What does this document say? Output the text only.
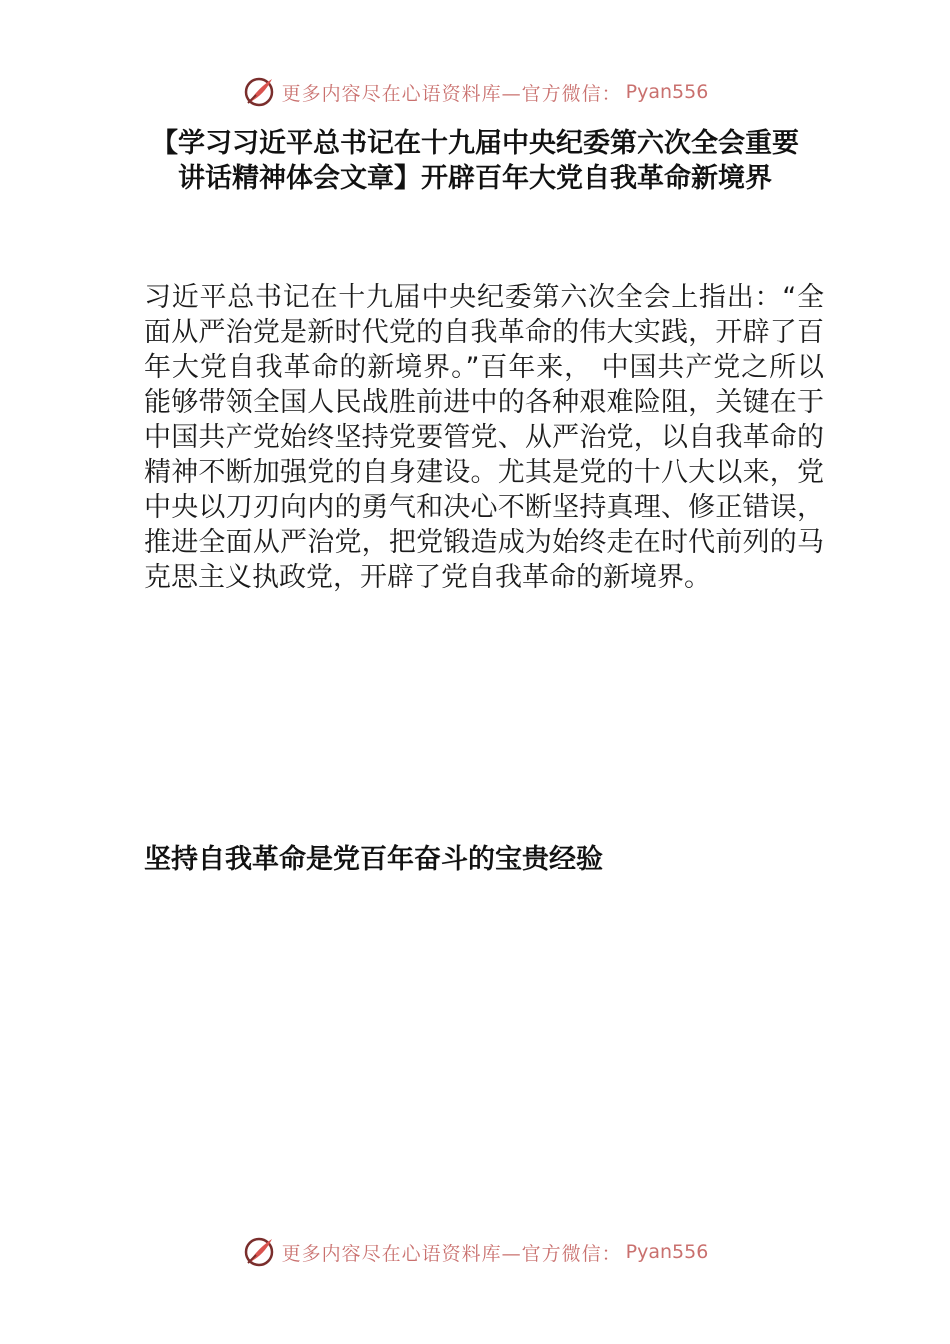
更多内容尽在心语资料库—官方微信： Pyan556
【学习习近平总书记在十九届中央纪委第六次全会重要讲话精神体会文章】开辟百年大党自我革命新境界

习近平总书记在十九届中央纪委第六次全会上指出：“全面从严治党是新时代党的自我革命的伟大实践，开辟了百年大党自我革命的新境界。”百年来， 中国共产党之所以能够带领全国人民战胜前进中的各种艰难险阻，关键在于中国共产党始终坚持党要管党、从严治党，以自我革命的精神不断加强党的自身建设。尤其是党的十八大以来，党中央以刀刃向内的勇气和决心不断坚持真理、修正错误，推进全面从严治党，把党锻造成为始终走在时代前列的马克思主义执政党，开辟了党自我革命的新境界。

坚持自我革命是党百年奋斗的宝贵经验
更多内容尽在心语资料库—官方微信： Pyan556
